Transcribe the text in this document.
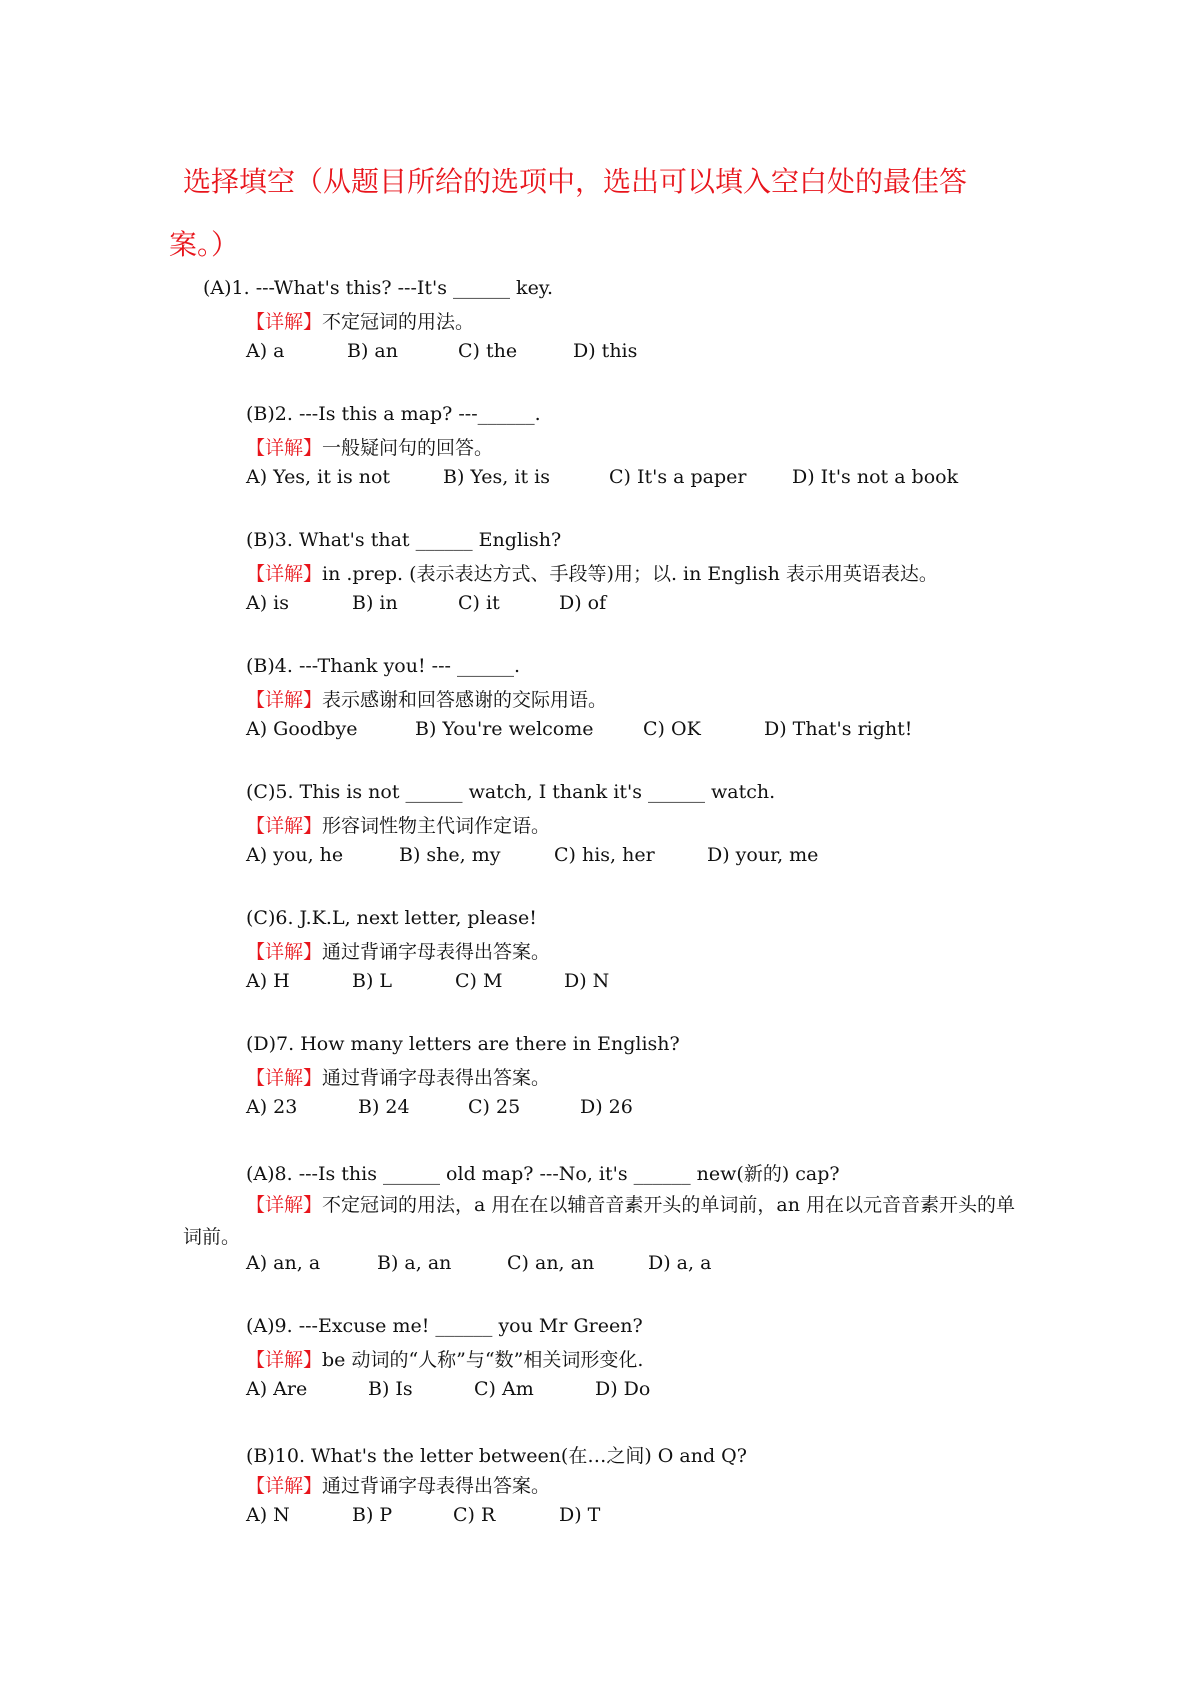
选择填空（从题目所给的选项中，选出可以填入空白处的最佳答案。）

(A)1. ---What's this? ---It's ______ key.
【详解】不定冠词的用法。
A) a	B) an	C) the	D) this
(B)2. ---Is this a map? ---______.
【详解】一般疑问句的回答。
A) Yes, it is not	B) Yes, it is	C) It's a paper D) It's not a book
(B)3. What's that ______ English?
【详解】in .prep. (表示表达方式、手段等)用；以. in English 表示用英语表达。
A) is	B) in	C) it	D) of
(B)4. ---Thank you! --- ______.
【详解】表示感谢和回答感谢的交际用语。
A) Goodbye	B) You're welcome	C) OK	D) That's right!
(C)5. This is not ______ watch, I thank it's ______ watch.
【详解】形容词性物主代词作定语。
A) you, he	B) she, my	C) his, her	D) your, me
(C)6. J.K.L, next letter, please!
【详解】通过背诵字母表得出答案。
A) H	B) L	C) M	D) N
(D)7. How many letters are there in English?
【详解】通过背诵字母表得出答案。
A) 23	B) 24	C) 25	D) 26
(A)8. ---Is this ______ old map? ---No, it's ______ new(新的) cap?
【详解】不定冠词的用法，a 用在在以辅音音素开头的单词前，an 用在以元音音素开头的单词前。
A) an, a	B) a, an	C) an, an	D) a, a
(A)9. ---Excuse me! ______ you Mr Green?
【详解】be 动词的“人称”与“数”相关词形变化.
A) Are	B) Is	C) Am	D) Do
(B)10. What's the letter between(在…之间) O and Q?
【详解】通过背诵字母表得出答案。
A) N	B) P	C) R	D) T
